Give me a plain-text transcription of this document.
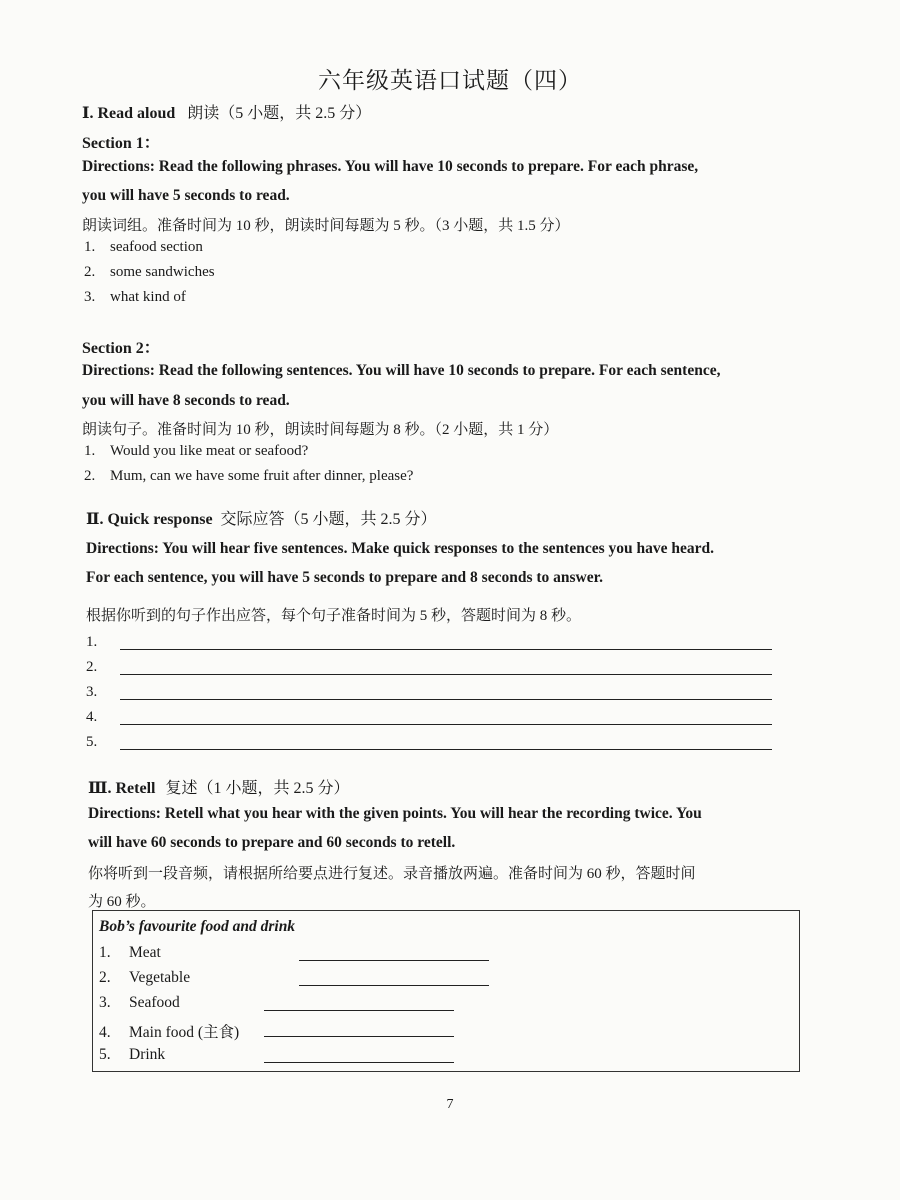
六年级英语口试题（四）
Ⅰ. Read aloud 朗读（5 小题，共 2.5 分）
Section 1：
Directions: Read the following phrases. You will have 10 seconds to prepare. For each phrase,
you will have 5 seconds to read.
朗读词组。准备时间为 10 秒，朗读时间每题为 5 秒。（3 小题，共 1.5 分）
1. seafood section
2. some sandwiches
3. what kind of
Section 2：
Directions: Read the following sentences. You will have 10 seconds to prepare. For each sentence,
you will have 8 seconds to read.
朗读句子。准备时间为 10 秒，朗读时间每题为 8 秒。（2 小题，共 1 分）
1. Would you like meat or seafood?
2. Mum, can we have some fruit after dinner, please?
Ⅱ. Quick response 交际应答（5 小题，共 2.5 分）
Directions: You will hear five sentences. Make quick responses to the sentences you have heard.
For each sentence, you will have 5 seconds to prepare and 8 seconds to answer.
根据你听到的句子作出应答，每个句子准备时间为 5 秒，答题时间为 8 秒。
1.
2.
3.
4.
5.
Ⅲ. Retell 复述（1 小题，共 2.5 分）
Directions: Retell what you hear with the given points. You will hear the recording twice. You
will have 60 seconds to prepare and 60 seconds to retell.
你将听到一段音频，请根据所给要点进行复述。录音播放两遍。准备时间为 60 秒，答题时间
为 60 秒。
Bob’s favourite food and drink
1. Meat
2. Vegetable
3. Seafood
4. Main food (主食)
5. Drink
7
